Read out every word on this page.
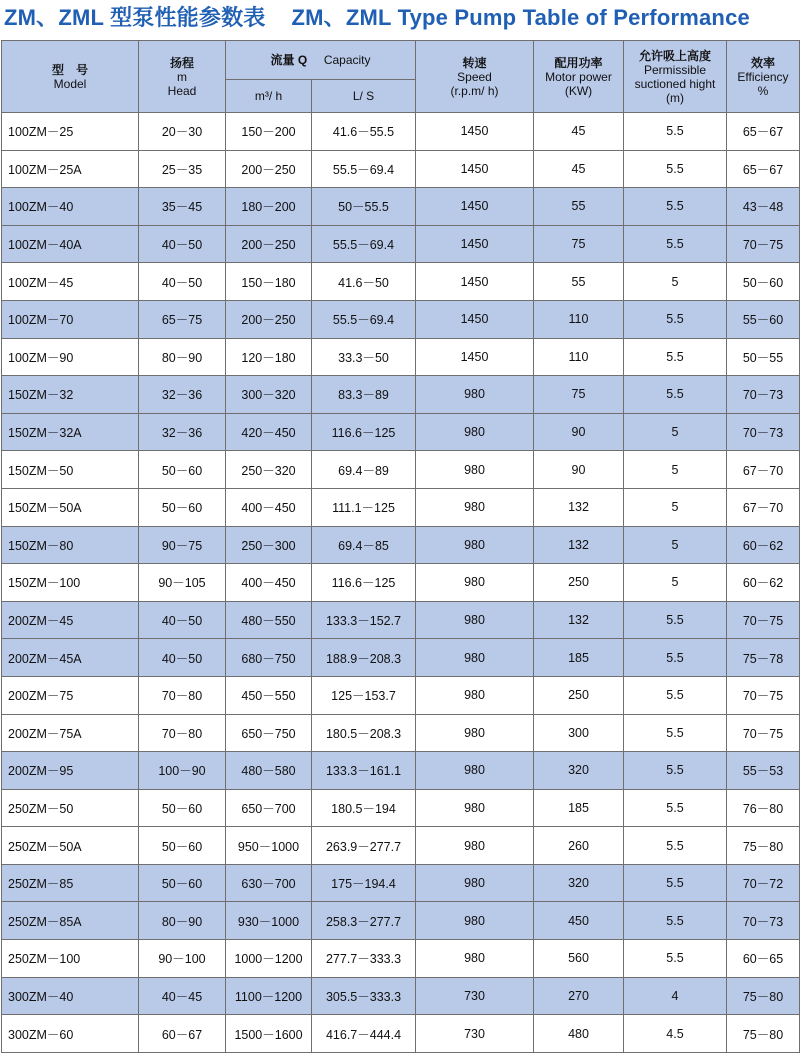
ZM、ZML 型泵性能参数表 ZM、ZML Type Pump Table of Performance
型　号
Model	扬程
m
Head	流量 Q Capacity		转速
Speed
(r.p.m/ h)	配用功率
Motor power
(KW)	允许吸上高度
Permissible
suctioned hight
(m)	效率
Efficiency
%

		m³/ h	L/ S				
100ZM－25	20－30	150－200	41.6－55.5	1450	45	5.5	65－67
100ZM－25A	25－35	200－250	55.5－69.4	1450	45	5.5	65－67
100ZM－40	35－45	180－200	50－55.5	1450	55	5.5	43－48
100ZM－40A	40－50	200－250	55.5－69.4	1450	75	5.5	70－75
100ZM－45	40－50	150－180	41.6－50	1450	55	5	50－60
100ZM－70	65－75	200－250	55.5－69.4	1450	110	5.5	55－60
100ZM－90	80－90	120－180	33.3－50	1450	110	5.5	50－55
150ZM－32	32－36	300－320	83.3－89	980	75	5.5	70－73
150ZM－32A	32－36	420－450	116.6－125	980	90	5	70－73
150ZM－50	50－60	250－320	69.4－89	980	90	5	67－70
150ZM－50A	50－60	400－450	111.1－125	980	132	5	67－70
150ZM－80	90－75	250－300	69.4－85	980	132	5	60－62
150ZM－100	90－105	400－450	116.6－125	980	250	5	60－62
200ZM－45	40－50	480－550	133.3－152.7	980	132	5.5	70－75
200ZM－45A	40－50	680－750	188.9－208.3	980	185	5.5	75－78
200ZM－75	70－80	450－550	125－153.7	980	250	5.5	70－75
200ZM－75A	70－80	650－750	180.5－208.3	980	300	5.5	70－75
200ZM－95	100－90	480－580	133.3－161.1	980	320	5.5	55－53
250ZM－50	50－60	650－700	180.5－194	980	185	5.5	76－80
250ZM－50A	50－60	950－1000	263.9－277.7	980	260	5.5	75－80
250ZM－85	50－60	630－700	175－194.4	980	320	5.5	70－72
250ZM－85A	80－90	930－1000	258.3－277.7	980	450	5.5	70－73
250ZM－100	90－100	1000－1200	277.7－333.3	980	560	5.5	60－65
300ZM－40	40－45	1100－1200	305.5－333.3	730	270	4	75－80
300ZM－60	60－67	1500－1600	416.7－444.4	730	480	4.5	75－80
